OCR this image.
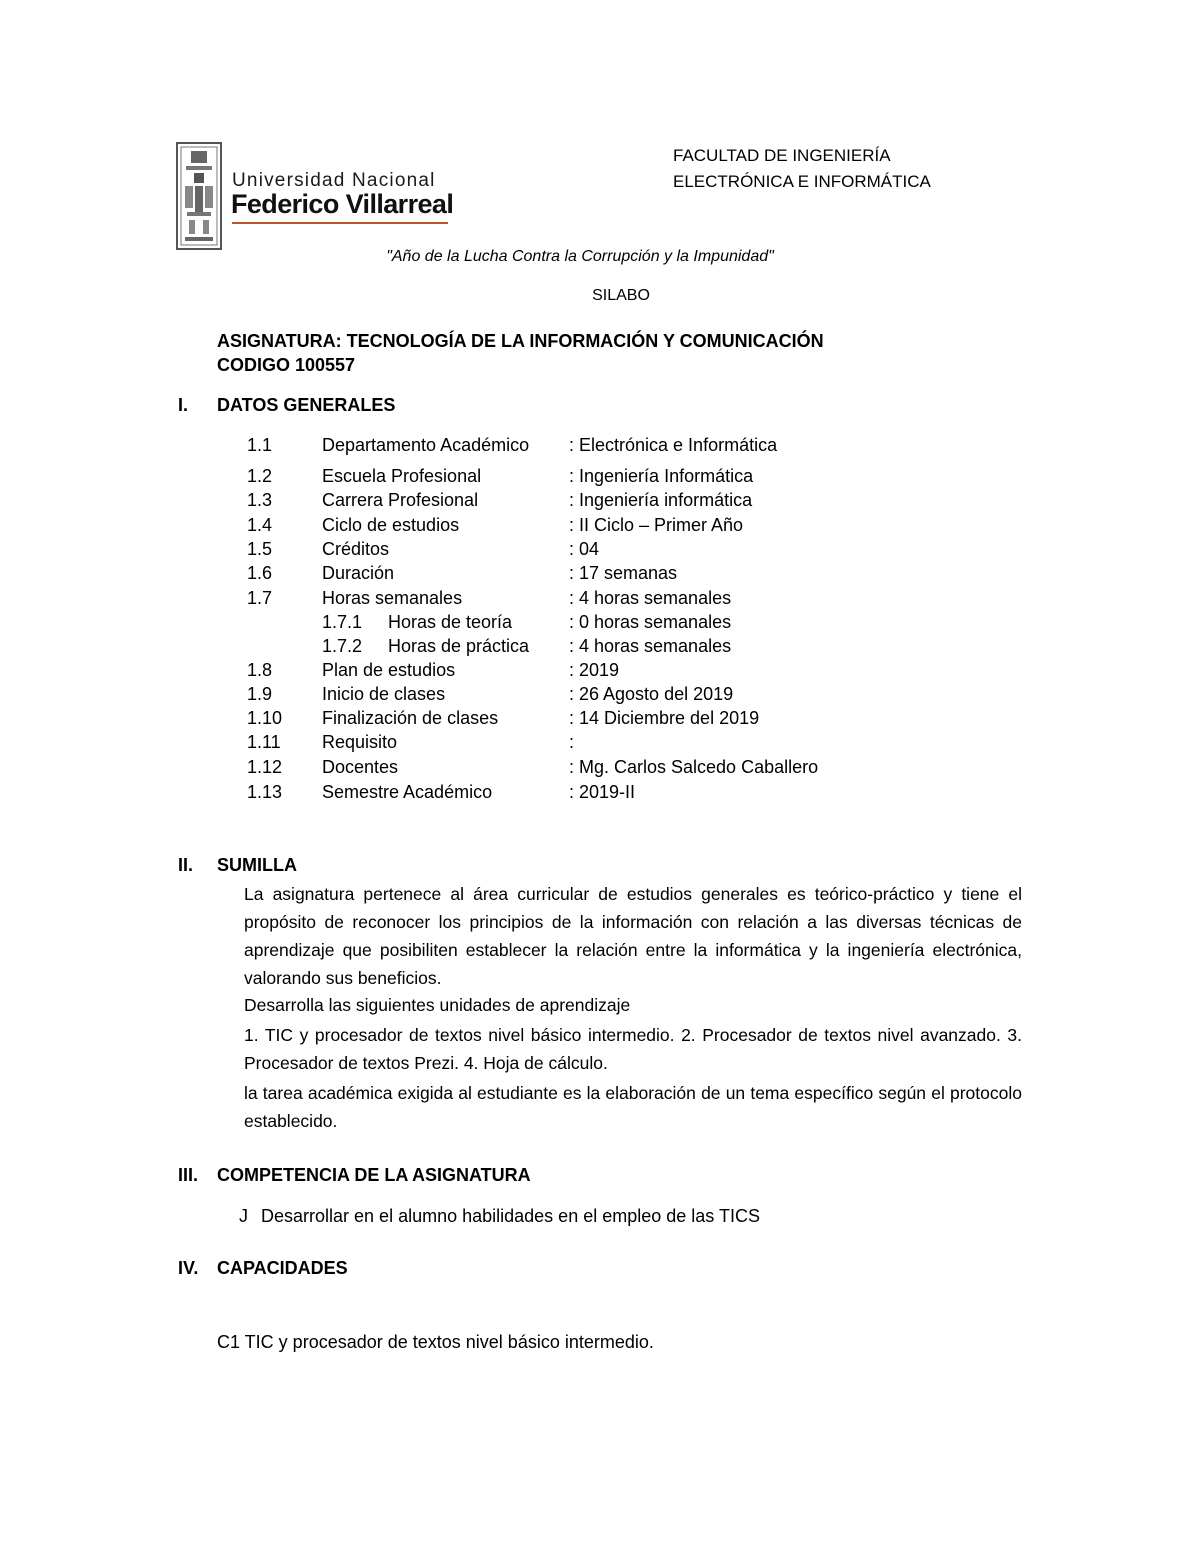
Universidad Nacional
Federico Villarreal
FACULTAD DE INGENIERÍA
ELECTRÓNICA E INFORMÁTICA
"Año de la Lucha Contra la Corrupción y la Impunidad"
SILABO
ASIGNATURA: TECNOLOGÍA DE LA INFORMACIÓN Y COMUNICACIÓN
CODIGO 100557
I. DATOS GENERALES
1.1	Departamento Académico : Electrónica e Informática
1.2	Escuela Profesional	: Ingeniería Informática
1.3	Carrera Profesional	: Ingeniería informática
1.4	Ciclo de estudios	: II Ciclo – Primer Año
1.5	Créditos	: 04
1.6	Duración	: 17 semanas
1.7	Horas semanales	: 4 horas semanales
1.7.1 Horas de teoría	: 0 horas semanales
1.7.2 Horas de práctica : 4 horas semanales
1.8	Plan de estudios	: 2019
1.9	Inicio de clases	: 26 Agosto del 2019
1.10 Finalización de clases	: 14 Diciembre del 2019
1.11 Requisito	:
1.12 Docentes	: Mg. Carlos Salcedo Caballero
1.13 Semestre Académico	: 2019-II
II. SUMILLA
La asignatura pertenece al área curricular de estudios generales es teórico-práctico y tiene el propósito de reconocer los principios de la información con relación a las diversas técnicas de aprendizaje que posibiliten establecer la relación entre la informática y la ingeniería electrónica, valorando sus beneficios.
Desarrolla las siguientes unidades de aprendizaje
1. TIC y procesador de textos nivel básico intermedio. 2. Procesador de textos nivel avanzado. 3. Procesador de textos Prezi. 4. Hoja de cálculo.
la tarea académica exigida al estudiante es la elaboración de un tema específico según el protocolo establecido.
III. COMPETENCIA DE LA ASIGNATURA
J Desarrollar en el alumno habilidades en el empleo de las TICS
IV. CAPACIDADES
C1 TIC y procesador de textos nivel básico intermedio.
